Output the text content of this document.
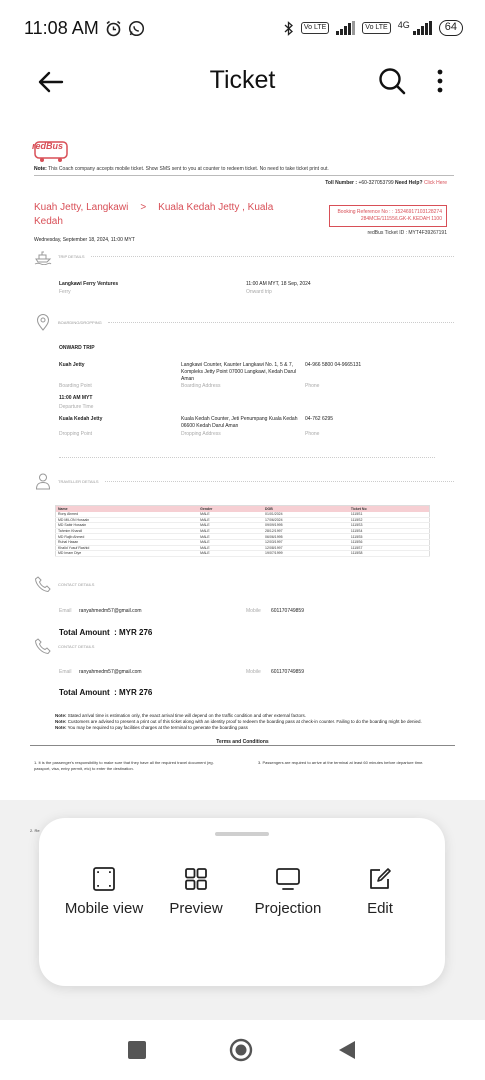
11:08 AM	Vo LTE	Vo LTE	4G	64
Ticket
redBus
Note: This Coach company accepts mobile ticket. Show SMS sent to you at counter to redeem ticket. No need to take ticket print out.
Toll Number : +60-327053799 Need Help? Click Here
Kuah Jetty, Langkawi > Kuala Kedah Jetty , Kuala Kedah
Booking Reference No : : 15246917103128274 284MCE/11155/LGK-K.KEDAH 1100
redBus Ticket ID : MYT4F39267191
Wednesday, September 18, 2024, 11:00 MYT
TRIP DETAILS
Langkawi Ferry Ventures
Ferry
11:00 AM MYT, 18 Sep, 2024
Onward trip
BOARDING/DROPPING
ONWARD TRIP
Kuah Jetty
Boarding Point
Langkawi Counter, Kaunter Langkawi No. 1, 5 & 7, Kompleks Jetty Point 07000 Langkawi, Kedah Darul Aman
Boarding Address
04-966 5800 04-9665131
Phone
11:00 AM MYT
Departure Time
Kuala Kedah Jetty
Dropping Point
Kuala Kedah Counter, Jeti Penumpang Kuala Kedah 06600 Kedah Darul Aman
Dropping Address
04-762 6295
Phone
TRAVELLER DETAILS
Name	Gender	DOB	Ticket No
Rony Ahmed	MALE	01/01/2024	1115S1
MD MILON Hossain	MALE	17/06/2024	1115S2
MD Sabir Hossain	MALE	09/09/1995	1115S3
Tahmim Khandl	MALE	28/12/1997	1115S4
MD Rajib Ahmed	MALE	06/06/1995	1115S5
Ruhal Hasan	MALE	12/03/1997	1115S6
Khalid Yusuf Rashid	MALE	12/08/1997	1115S7
MD Imam Diye	MALE	19/07/1999	1115S8
CONTACT DETAILS
Email ranyahmedm57@gmail.com	Mobile 601170749859
Total Amount : MYR 276
CONTACT DETAILS
Email ranyahmedm57@gmail.com	Mobile 601170749859
Total Amount : MYR 276
Note: Stated arrival time is estimation only, the exact arrival time will depend on the traffic condition and other external factors.
Note: Customers are advised to present a print out of this ticket along with an identity proof to redeem the boarding pass at check-in counter. Failing to do the boarding might be denied.
Note: You may be required to pay facilities charges at the terminal to generate the boarding pass
Terms and Conditions
1. It is the passenger's responsibility to make sure that they have all the required travel document (eg. passport, visa, entry permit, etc) to enter the destination.
3. Passengers are required to arrive at the terminal at least 60 minutes before departure time.
2. Re
Mobile view	Preview	Projection	Edit
